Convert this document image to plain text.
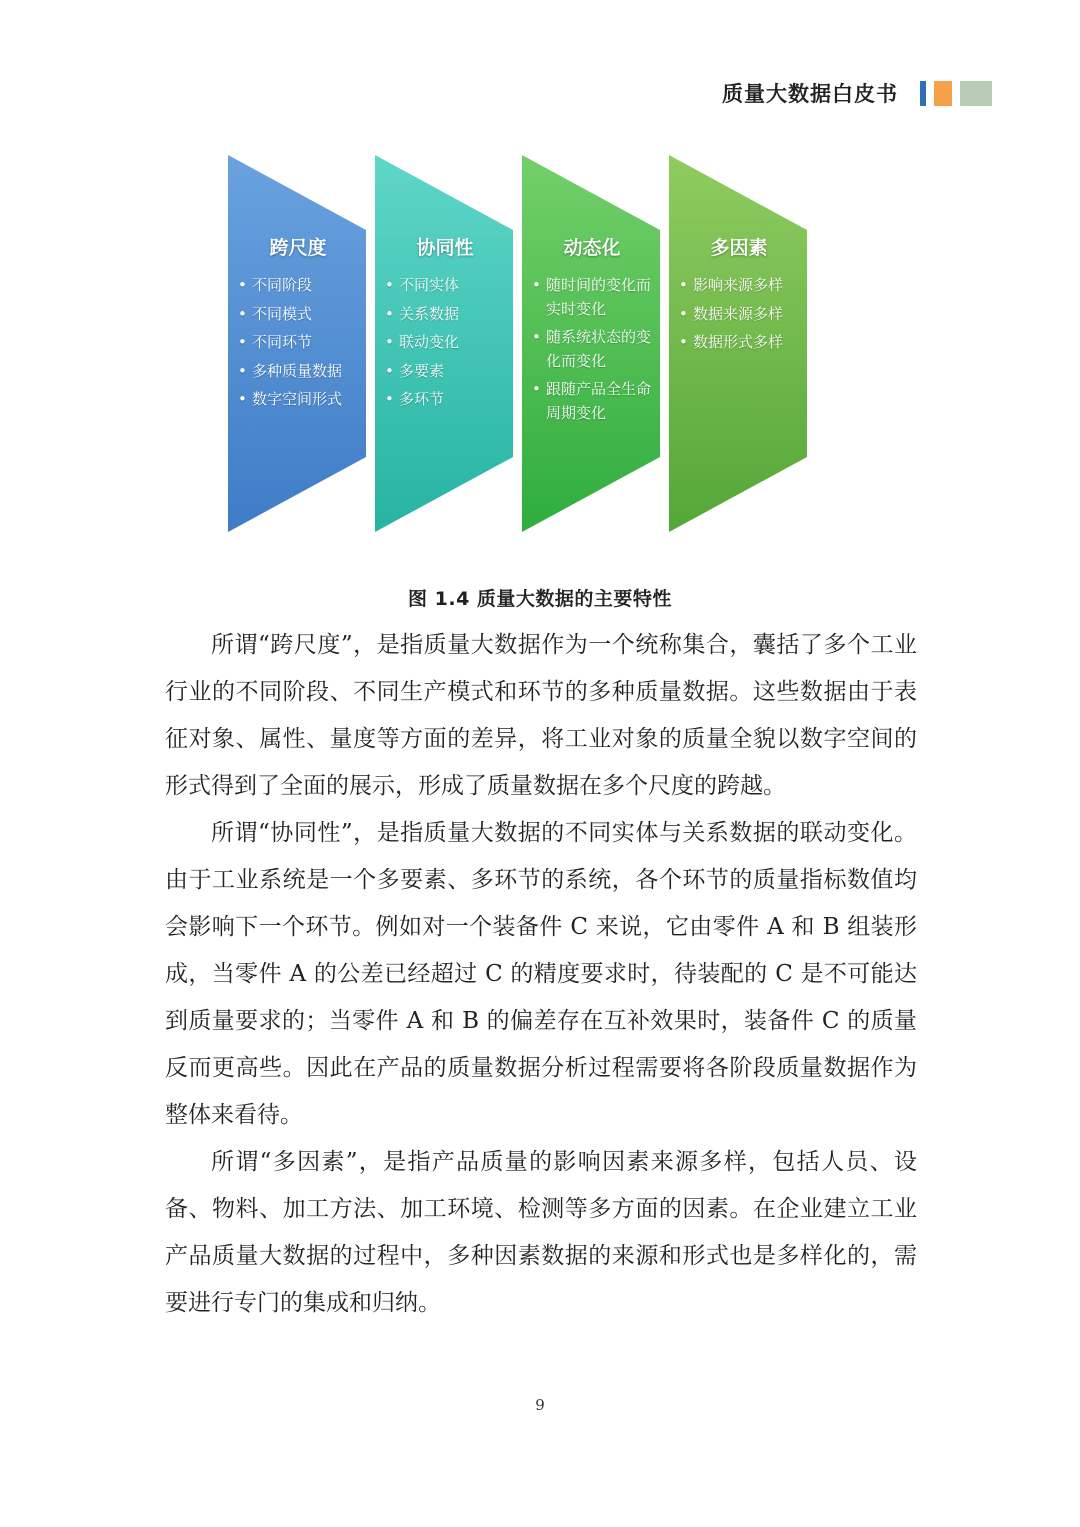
质量大数据白皮书
跨尺度
• 不同阶段
• 不同模式
• 不同环节
• 多种质量数据
• 数字空间形式
协同性
• 不同实体
• 关系数据
• 联动变化
• 多要素
• 多环节
动态化
• 随时间的变化而实时变化
• 随系统状态的变化而变化
• 跟随产品全生命周期变化
多因素
• 影响来源多样
• 数据来源多样
• 数据形式多样
图 1.4 质量大数据的主要特性

所谓“跨尺度”，是指质量大数据作为一个统称集合，囊括了多个工业行业的不同阶段、不同生产模式和环节的多种质量数据。这些数据由于表征对象、属性、量度等方面的差异，将工业对象的质量全貌以数字空间的形式得到了全面的展示，形成了质量数据在多个尺度的跨越。

所谓“协同性”，是指质量大数据的不同实体与关系数据的联动变化。由于工业系统是一个多要素、多环节的系统，各个环节的质量指标数值均会影响下一个环节。例如对一个装备件 C 来说，它由零件 A 和 B 组装形成，当零件 A 的公差已经超过 C 的精度要求时，待装配的 C 是不可能达到质量要求的；当零件 A 和 B 的偏差存在互补效果时，装备件 C 的质量反而更高些。因此在产品的质量数据分析过程需要将各阶段质量数据作为整体来看待。

所谓“多因素”，是指产品质量的影响因素来源多样，包括人员、设备、物料、加工方法、加工环境、检测等多方面的因素。在企业建立工业产品质量大数据的过程中，多种因素数据的来源和形式也是多样化的，需要进行专门的集成和归纳。

9
